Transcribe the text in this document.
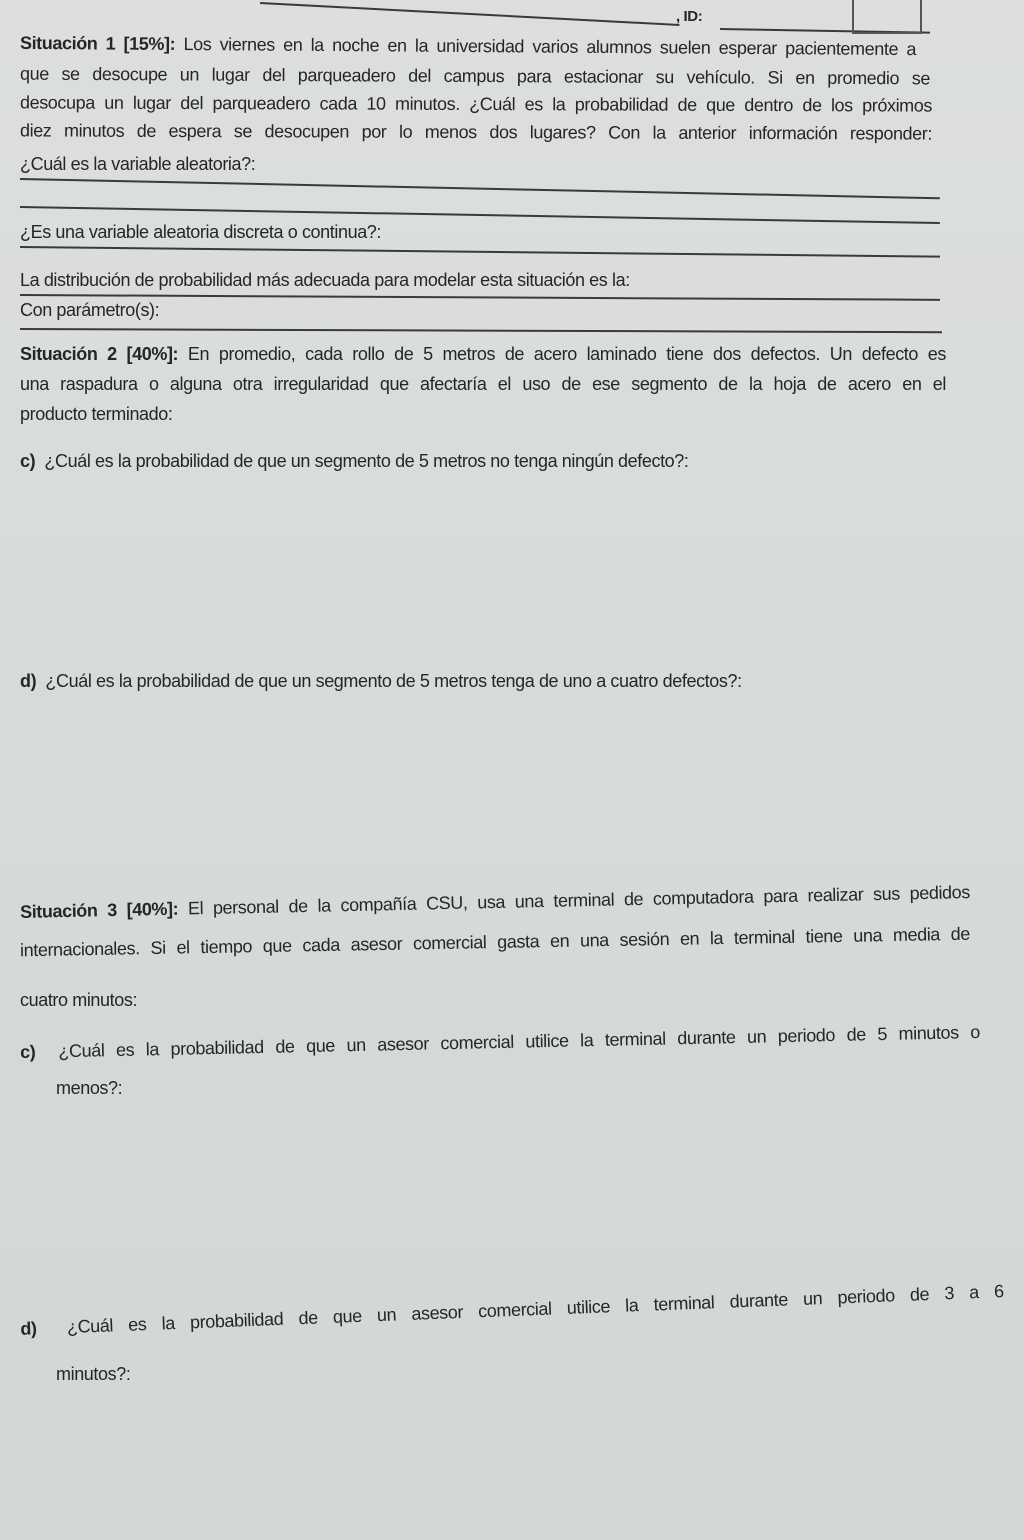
, ID:
Situación 1 [15%]: Los viernes en la noche en la universidad varios alumnos suelen esperar pacientemente a
que se desocupe un lugar del parqueadero del campus para estacionar su vehículo. Si en promedio se
desocupa un lugar del parqueadero cada 10 minutos. ¿Cuál es la probabilidad de que dentro de los próximos
diez minutos de espera se desocupen por lo menos dos lugares? Con la anterior información responder:
¿Cuál es la variable aleatoria?:
¿Es una variable aleatoria discreta o continua?:
La distribución de probabilidad más adecuada para modelar esta situación es la:
Con parámetro(s):
Situación 2 [40%]: En promedio, cada rollo de 5 metros de acero laminado tiene dos defectos. Un defecto es
una raspadura o alguna otra irregularidad que afectaría el uso de ese segmento de la hoja de acero en el
producto terminado:
c) ¿Cuál es la probabilidad de que un segmento de 5 metros no tenga ningún defecto?:
d) ¿Cuál es la probabilidad de que un segmento de 5 metros tenga de uno a cuatro defectos?:
Situación 3 [40%]: El personal de la compañía CSU, usa una terminal de computadora para realizar sus pedidos
internacionales. Si el tiempo que cada asesor comercial gasta en una sesión en la terminal tiene una media de
cuatro minutos:
c) ¿Cuál es la probabilidad de que un asesor comercial utilice la terminal durante un periodo de 5 minutos o
menos?:
d) ¿Cuál es la probabilidad de que un asesor comercial utilice la terminal durante un periodo de 3 a 6
minutos?:
